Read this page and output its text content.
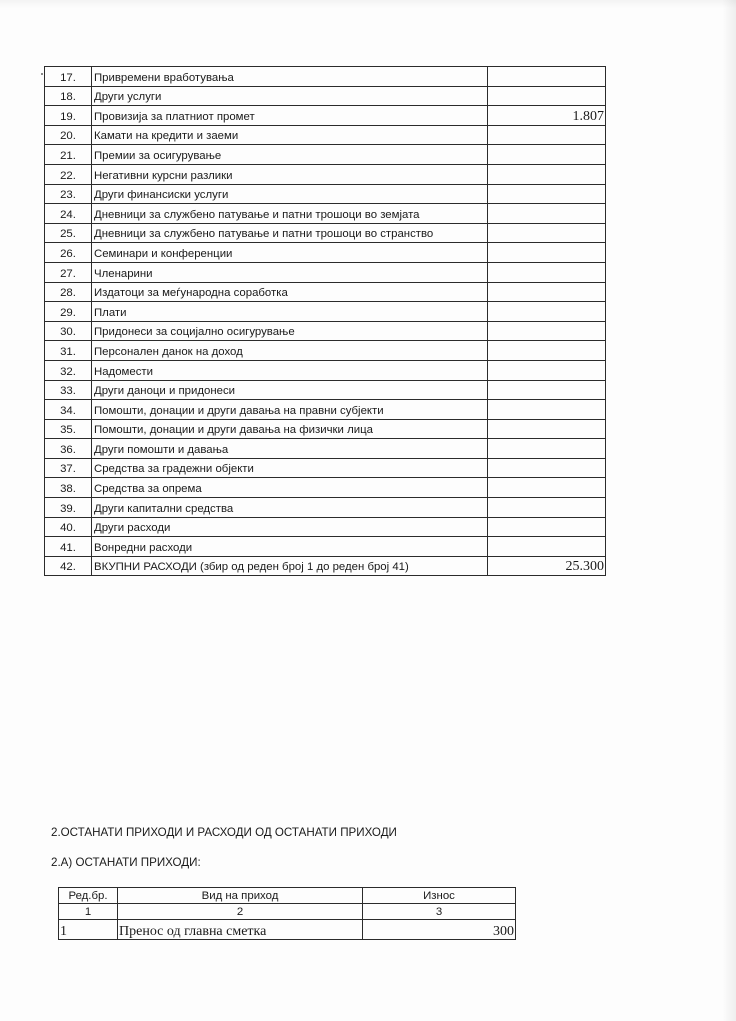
17.	Привремени вработувања	
18.	Други услуги	
19.	Провизија за платниот промет	1.807
20.	Камати на кредити и заеми	
21.	Премии за осигурување	
22.	Негативни курсни разлики	
23.	Други финансиски услуги	
24.	Дневници за службено патување и патни трошоци во земјата	
25.	Дневници за службено патување и патни трошоци во странство	
26.	Семинари и конференции	
27.	Членарини	
28.	Издатоци за меѓународна соработка	
29.	Плати	
30.	Придонеси за социјално осигурување	
31.	Персонален данок на доход	
32.	Надомести	
33.	Други даноци и придонеси	
34.	Помошти, донации и други давања на правни субјекти	
35.	Помошти, донации и други давања на физички лица	
36.	Други помошти и давања	
37.	Средства за градежни објекти	
38.	Средства за опрема	
39.	Други капитални средства	
40.	Други расходи	
41.	Вонредни расходи	
42.	ВКУПНИ РАСХОДИ (збир од реден број 1 до реден број 41)	25.300
2.ОСТАНАТИ ПРИХОДИ И РАСХОДИ ОД ОСТАНАТИ ПРИХОДИ
2.А) ОСТАНАТИ ПРИХОДИ:
Ред.бр.	Вид на приход	Износ
1	2	3
1	Пренос од главна сметка	300
